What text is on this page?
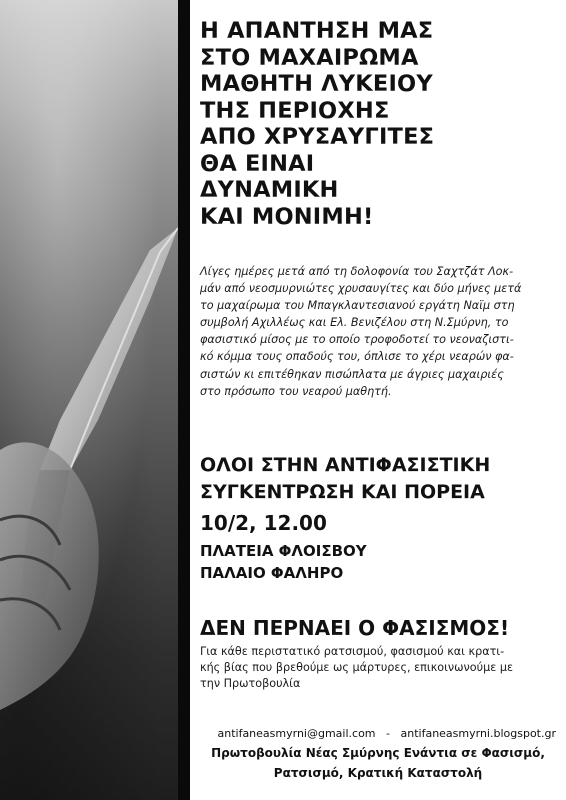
Η ΑΠΑΝΤΗΣΗ ΜΑΣ
ΣΤΟ ΜΑΧΑΙΡΩΜΑ
ΜΑΘΗΤΗ ΛΥΚΕΙΟΥ
ΤΗΣ ΠΕΡΙΟΧΗΣ
ΑΠΟ ΧΡΥΣΑΥΓΙΤΕΣ
ΘΑ ΕΙΝΑΙ
ΔΥΝΑΜΙΚΗ
ΚΑΙ ΜΟΝΙΜΗ!
Λίγες ημέρες μετά από τη δολοφονία του Σαχτζάτ Λοκ-
μάν από νεοσμυρνιώτες χρυσαυγίτες και δύο μήνες μετά
το μαχαίρωμα του Μπαγκλαντεσιανού εργάτη Ναϊμ στη
συμβολή Αχιλλέως και Ελ. Βενιζέλου στη Ν.Σμύρνη, το
φασιστικό μίσος με το οποίο τροφοδοτεί το νεοναζιστι-
κό κόμμα τους οπαδούς του, όπλισε το χέρι νεαρών φα-
σιστών κι επιτέθηκαν πισώπλατα με άγριες μαχαιριές
στο πρόσωπο του νεαρού μαθητή.
ΟΛΟΙ ΣΤΗΝ ΑΝΤΙΦΑΣΙΣΤΙΚΗ
ΣΥΓΚΕΝΤΡΩΣΗ ΚΑΙ ΠΟΡΕΙΑ
10/2, 12.00
ΠΛΑΤΕΙΑ ΦΛΟΙΣΒΟΥ
ΠΑΛΑΙΟ ΦΑΛΗΡΟ
ΔΕΝ ΠΕΡΝΑΕΙ Ο ΦΑΣΙΣΜΟΣ!
Για κάθε περιστατικό ρατσισμού, φασισμού και κρατι-
κής βίας που βρεθούμε ως μάρτυρες, επικοινωνούμε με
την Πρωτοβουλία
antifaneasmyrni@gmail.com - antifaneasmyrni.blogspot.gr
Πρωτοβουλία Νέας Σμύρνης Ενάντια σε Φασισμό,
Ρατσισμό, Κρατική Καταστολή
